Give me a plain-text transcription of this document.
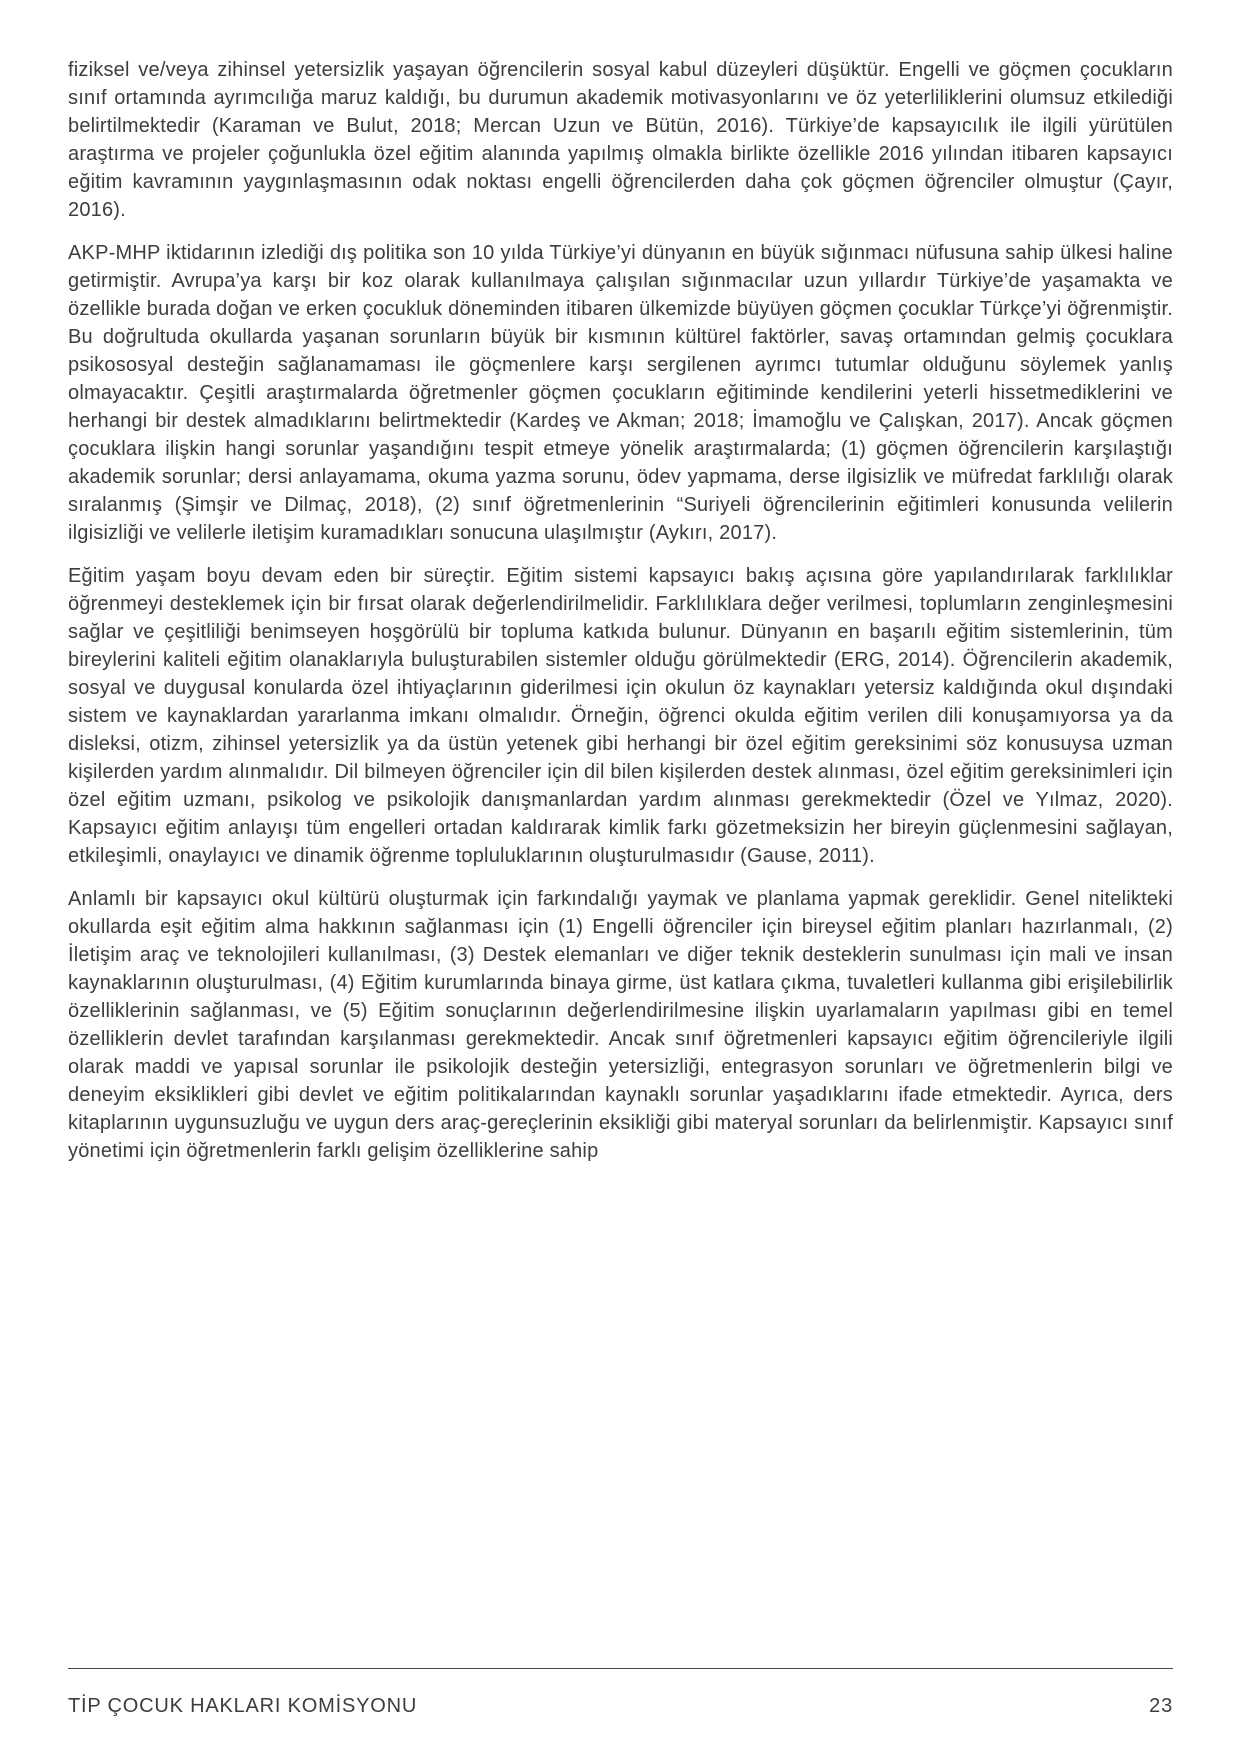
fiziksel ve/veya zihinsel yetersizlik yaşayan öğrencilerin sosyal kabul düzeyleri düşüktür. Engelli ve göçmen çocukların sınıf ortamında ayrımcılığa maruz kaldığı, bu durumun akademik motivasyonlarını ve öz yeterliliklerini olumsuz etkilediği belirtilmektedir (Karaman ve Bulut, 2018; Mercan Uzun ve Bütün, 2016). Türkiye’de kapsayıcılık ile ilgili yürütülen araştırma ve projeler çoğunlukla özel eğitim alanında yapılmış olmakla birlikte özellikle 2016 yılından itibaren kapsayıcı eğitim kavramının yaygınlaşmasının odak noktası engelli öğrencilerden daha çok göçmen öğrenciler olmuştur (Çayır, 2016).

AKP-MHP iktidarının izlediği dış politika son 10 yılda Türkiye’yi dünyanın en büyük sığınmacı nüfusuna sahip ülkesi haline getirmiştir. Avrupa’ya karşı bir koz olarak kullanılmaya çalışılan sığınmacılar uzun yıllardır Türkiye’de yaşamakta ve özellikle burada doğan ve erken çocukluk döneminden itibaren ülkemizde büyüyen göçmen çocuklar Türkçe’yi öğrenmiştir. Bu doğrultuda okullarda yaşanan sorunların büyük bir kısmının kültürel faktörler, savaş ortamından gelmiş çocuklara psikososyal desteğin sağlanamaması ile göçmenlere karşı sergilenen ayrımcı tutumlar olduğunu söylemek yanlış olmayacaktır. Çeşitli araştırmalarda öğretmenler göçmen çocukların eğitiminde kendilerini yeterli hissetmediklerini ve herhangi bir destek almadıklarını belirtmektedir (Kardeş ve Akman; 2018; İmamoğlu ve Çalışkan, 2017). Ancak göçmen çocuklara ilişkin hangi sorunlar yaşandığını tespit etmeye yönelik araştırmalarda; (1) göçmen öğrencilerin karşılaştığı akademik sorunlar; dersi anlayamama, okuma yazma sorunu, ödev yapmama, derse ilgisizlik ve müfredat farklılığı olarak sıralanmış (Şimşir ve Dilmaç, 2018), (2) sınıf öğretmenlerinin “Suriyeli öğrencilerinin eğitimleri konusunda velilerin ilgisizliği ve velilerle iletişim kuramadıkları sonucuna ulaşılmıştır (Aykırı, 2017).

Eğitim yaşam boyu devam eden bir süreçtir. Eğitim sistemi kapsayıcı bakış açısına göre yapılandırılarak farklılıklar öğrenmeyi desteklemek için bir fırsat olarak değerlendirilmelidir. Farklılıklara değer verilmesi, toplumların zenginleşmesini sağlar ve çeşitliliği benimseyen hoşgörülü bir topluma katkıda bulunur. Dünyanın en başarılı eğitim sistemlerinin, tüm bireylerini kaliteli eğitim olanaklarıyla buluşturabilen sistemler olduğu görülmektedir (ERG, 2014). Öğrencilerin akademik, sosyal ve duygusal konularda özel ihtiyaçlarının giderilmesi için okulun öz kaynakları yetersiz kaldığında okul dışındaki sistem ve kaynaklardan yararlanma imkanı olmalıdır. Örneğin, öğrenci okulda eğitim verilen dili konuşamıyorsa ya da disleksi, otizm, zihinsel yetersizlik ya da üstün yetenek gibi herhangi bir özel eğitim gereksinimi söz konusuysa uzman kişilerden yardım alınmalıdır. Dil bilmeyen öğrenciler için dil bilen kişilerden destek alınması, özel eğitim gereksinimleri için özel eğitim uzmanı, psikolog ve psikolojik danışmanlardan yardım alınması gerekmektedir (Özel ve Yılmaz, 2020). Kapsayıcı eğitim anlayışı tüm engelleri ortadan kaldırarak kimlik farkı gözetmeksizin her bireyin güçlenmesini sağlayan, etkileşimli, onaylayıcı ve dinamik öğrenme topluluklarının oluşturulmasıdır (Gause, 2011).

Anlamlı bir kapsayıcı okul kültürü oluşturmak için farkındalığı yaymak ve planlama yapmak gereklidir. Genel nitelikteki okullarda eşit eğitim alma hakkının sağlanması için (1) Engelli öğrenciler için bireysel eğitim planları hazırlanmalı, (2) İletişim araç ve teknolojileri kullanılması, (3) Destek elemanları ve diğer teknik desteklerin sunulması için mali ve insan kaynaklarının oluşturulması, (4) Eğitim kurumlarında binaya girme, üst katlara çıkma, tuvaletleri kullanma gibi erişilebilirlik özelliklerinin sağlanması, ve (5) Eğitim sonuçlarının değerlendirilmesine ilişkin uyarlamaların yapılması gibi en temel özelliklerin devlet tarafından karşılanması gerekmektedir. Ancak sınıf öğretmenleri kapsayıcı eğitim öğrencileriyle ilgili olarak maddi ve yapısal sorunlar ile psikolojik desteğin yetersizliği, entegrasyon sorunları ve öğretmenlerin bilgi ve deneyim eksiklikleri gibi devlet ve eğitim politikalarından kaynaklı sorunlar yaşadıklarını ifade etmektedir. Ayrıca, ders kitaplarının uygunsuzluğu ve uygun ders araç-gereçlerinin eksikliği gibi materyal sorunları da belirlenmiştir. Kapsayıcı sınıf yönetimi için öğretmenlerin farklı gelişim özelliklerine sahip

TİP ÇOCUK HAKLARI KOMİSYONU	23
